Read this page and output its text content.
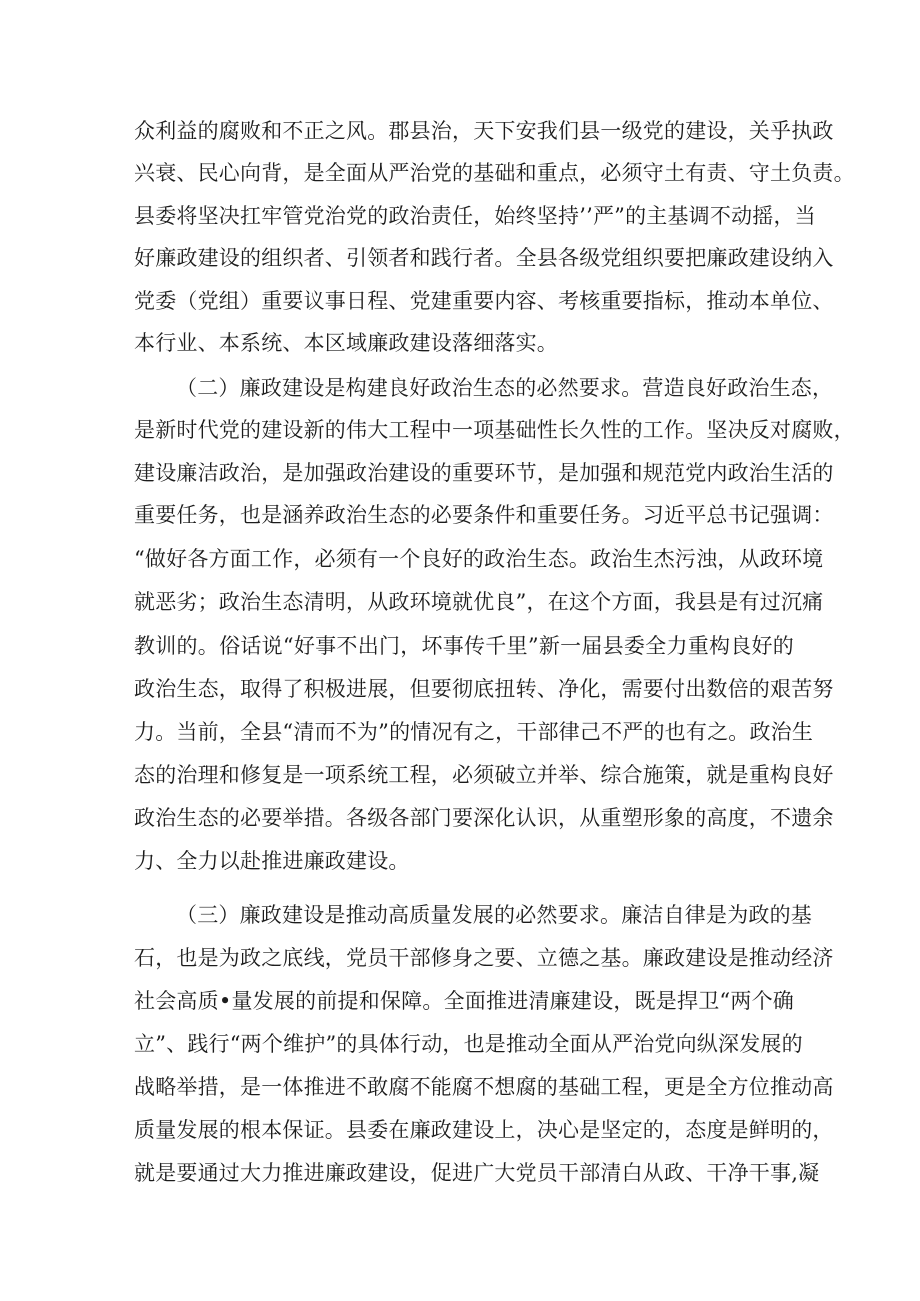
众利益的腐败和不正之风。郡县治，天下安我们县一级党的建设，关乎执政
兴衰、民心向背，是全面从严治党的基础和重点，必须守土有责、守土负责。
县委将坚决扛牢管党治党的政治责任，始终坚持’’严”的主基调不动摇，当
好廉政建设的组织者、引领者和践行者。全县各级党组织要把廉政建设纳入
党委（党组）重要议事日程、党建重要内容、考核重要指标，推动本单位、
本行业、本系统、本区域廉政建设落细落实。
（二）廉政建设是构建良好政治生态的必然要求。营造良好政治生态，
是新时代党的建设新的伟大工程中一项基础性长久性的工作。坚决反对腐败，
建设廉洁政治，是加强政治建设的重要环节，是加强和规范党内政治生活的
重要任务，也是涵养政治生态的必要条件和重要任务。习近平总书记强调：
“做好各方面工作，必须有一个良好的政治生态。政治生杰污浊，从政环境
就恶劣；政治生态清明，从政环境就优良”，在这个方面，我县是有过沉痛
教训的。俗话说“好事不出门，坏事传千里”新一届县委全力重构良好的
政治生态，取得了积极进展，但要彻底扭转、净化，需要付出数倍的艰苦努
力。当前，全县“清而不为”的情况有之，干部律己不严的也有之。政治生
态的治理和修复是一项系统工程，必须破立并举、综合施策，就是重构良好
政治生态的必要举措。各级各部门要深化认识，从重塑形象的高度，不遗余
力、全力以赴推进廉政建设。
（三）廉政建设是推动高质量发展的必然要求。廉洁自律是为政的基
石，也是为政之底线，党员干部修身之要、立德之基。廉政建设是推动经济
社会高质•量发展的前提和保障。全面推进清廉建设，既是捍卫“两个确
立”、践行“两个维护”的具体行动，也是推动全面从严治党向纵深发展的
战略举措，是一体推进不敢腐不能腐不想腐的基础工程，更是全方位推动高
质量发展的根本保证。县委在廉政建设上，决心是坚定的，态度是鲜明的，
就是要通过大力推进廉政建设，促进广大党员干部清白从政、干净干事,凝
